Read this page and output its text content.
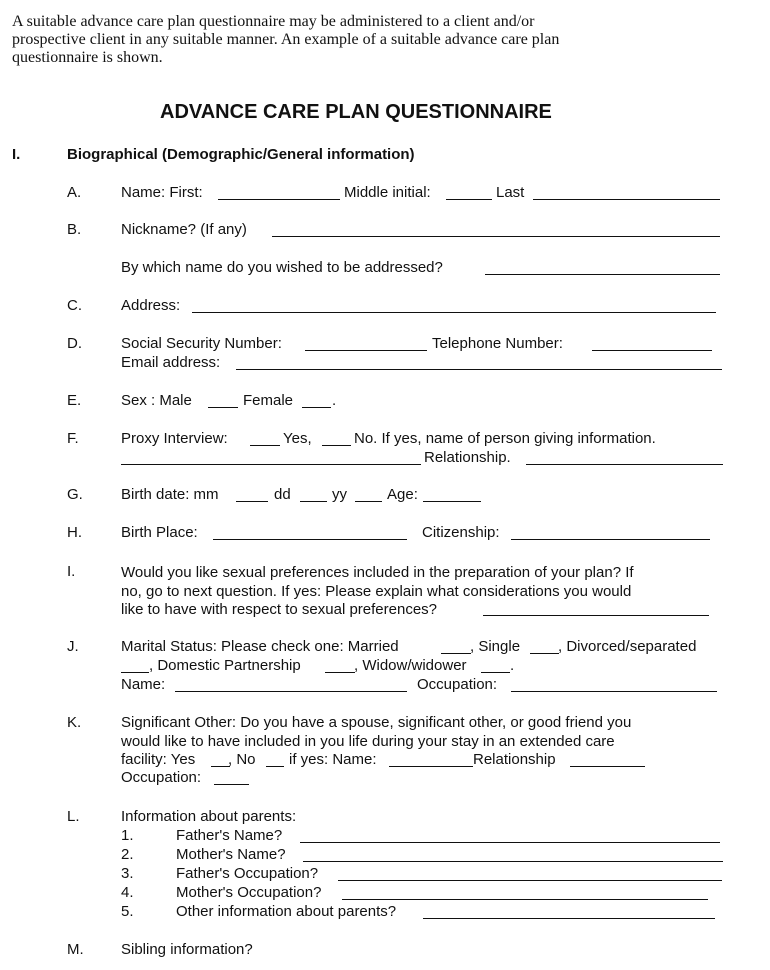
A suitable advance care plan questionnaire may be administered to a client and/or
prospective client in any suitable manner. An example of a suitable advance care plan
questionnaire is shown.
ADVANCE CARE PLAN QUESTIONNAIRE
I.	Biographical (Demographic/General information)
A.	Name: First:	Middle initial:	Last
B.	Nickname? (If any)
By which name do you wished to be addressed?
C.	Address:
D.	Social Security Number:	Telephone Number:
Email address:
E.	Sex : Male	Female	.
F.	Proxy Interview:	Yes,	No. If yes, name of person giving information.
Relationship.
G.	Birth date: mm	dd	yy	Age:
H.	Birth Place:	Citizenship:
I.	Would you like sexual preferences included in the preparation of your plan? If
no, go to next question. If yes: Please explain what considerations you would
like to have with respect to sexual preferences?
J.	Marital Status: Please check one: Married	, Single	, Divorced/separated
, Domestic Partnership	, Widow/widower	.
Name:	Occupation:
K.	Significant Other: Do you have a spouse, significant other, or good friend you
would like to have included in you life during your stay in an extended care
facility: Yes , No if yes: Name:	Relationship
Occupation:
L.	Information about parents:
1.	Father's Name?
2.	Mother's Name?
3.	Father's Occupation?
4.	Mother's Occupation?
5.	Other information about parents?
M. Sibling information?
